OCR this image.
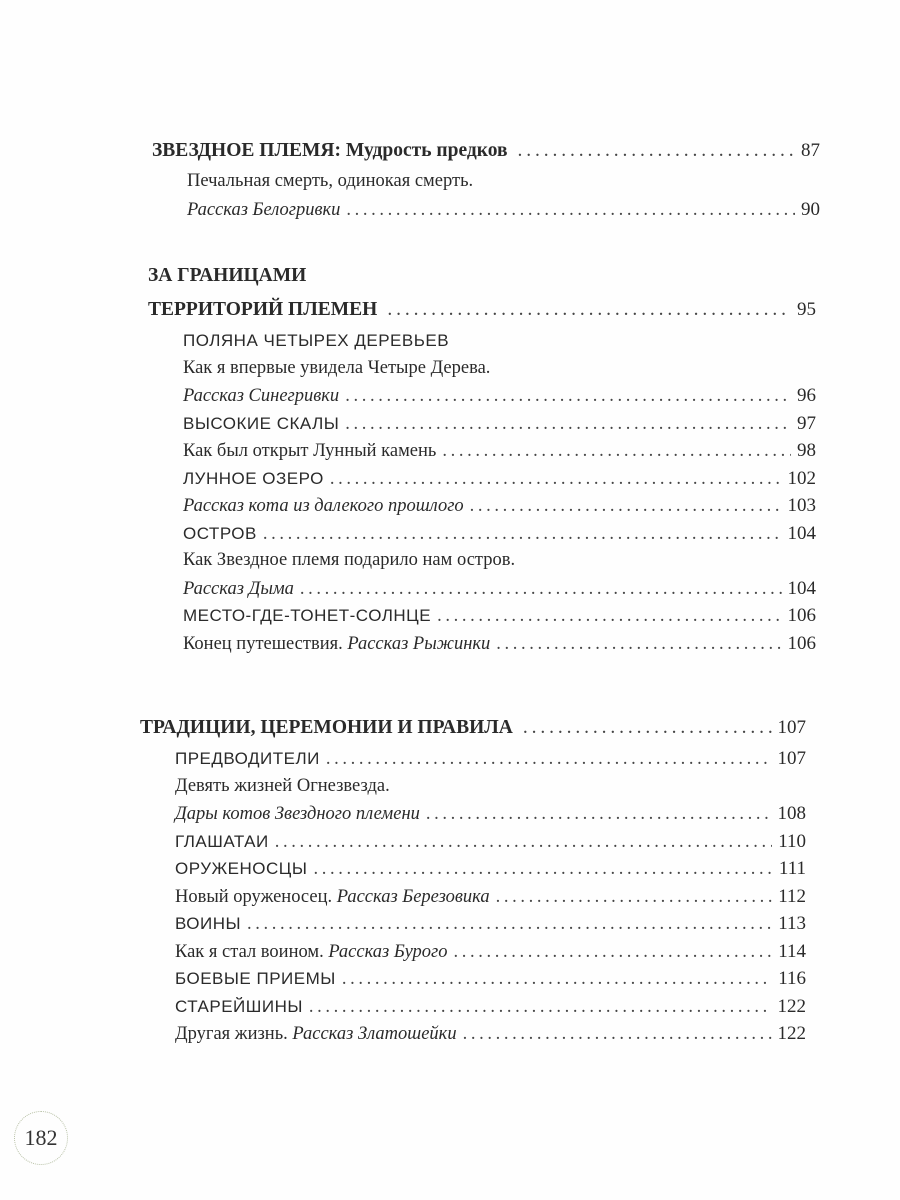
ЗВЕЗДНОЕ ПЛЕМЯ: Мудрость предков . . .	87
Печальная смерть, одинокая смерть.
Рассказ Белогривки . . .	90
ЗА ГРАНИЦАМИ
ТЕРРИТОРИЙ ПЛЕМЕН . . .	95
ПОЛЯНА ЧЕТЫРЕХ ДЕРЕВЬЕВ
Как я впервые увидела Четыре Дерева.
Рассказ Синегривки . . .	96
ВЫСОКИЕ СКАЛЫ . . .	97
Как был открыт Лунный камень . . .	98
ЛУННОЕ ОЗЕРО . . .	102
Рассказ кота из далекого прошлого . . .	103
ОСТРОВ . . .	104
Как Звездное племя подарило нам остров.
Рассказ Дыма . . .	104
МЕСТО-ГДЕ-ТОНЕТ-СОЛНЦЕ . . .	106
Конец путешествия. Рассказ Рыжинки . . .	106
ТРАДИЦИИ, ЦЕРЕМОНИИ И ПРАВИЛА . . .	107
ПРЕДВОДИТЕЛИ . . .	107
Девять жизней Огнезвезда.
Дары котов Звездного племени . . .	108
ГЛАШАТАИ . . .	110
ОРУЖЕНОСЦЫ . . .	111
Новый оруженосец. Рассказ Березовика . . .	112
ВОИНЫ . . .	113
Как я стал воином. Рассказ Бурого . . .	114
БОЕВЫЕ ПРИЕМЫ . . .	116
СТАРЕЙШИНЫ . . .	122
Другая жизнь. Рассказ Златошейки . . .	122
182
